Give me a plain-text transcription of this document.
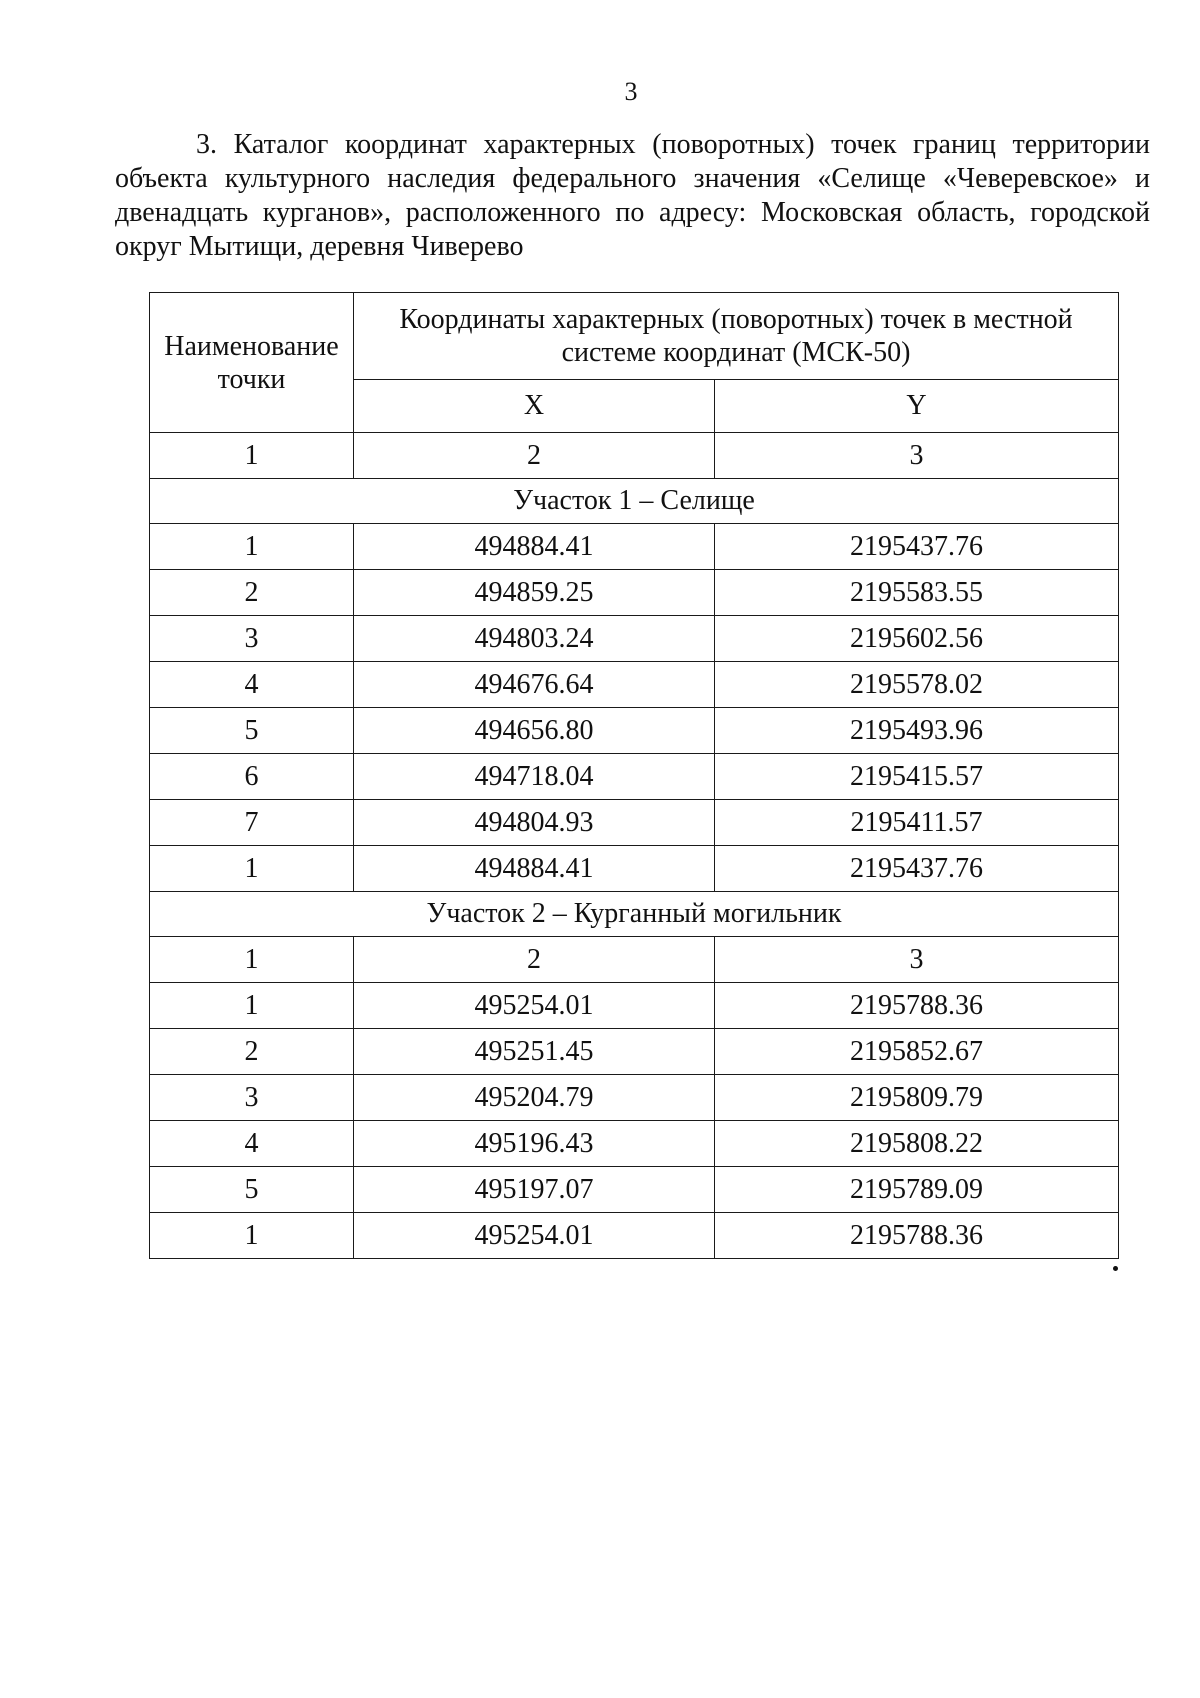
3

3. Каталог координат характерных (поворотных) точек границ территории объекта культурного наследия федерального значения «Селище «Чеверевское» и двенадцать курганов», расположенного по адресу: Московская область, городской округ Мытищи, деревня Чиверево

Наименование точки	Координаты характерных (поворотных) точек в местной системе координат (МСК-50)	
	X	Y
1	2	3
Участок 1 – Селище		
1	494884.41	2195437.76
2	494859.25	2195583.55
3	494803.24	2195602.56
4	494676.64	2195578.02
5	494656.80	2195493.96
6	494718.04	2195415.57
7	494804.93	2195411.57
1	494884.41	2195437.76
Участок 2 – Курганный могильник		
1	2	3
1	495254.01	2195788.36
2	495251.45	2195852.67
3	495204.79	2195809.79
4	495196.43	2195808.22
5	495197.07	2195789.09
1	495254.01	2195788.36
